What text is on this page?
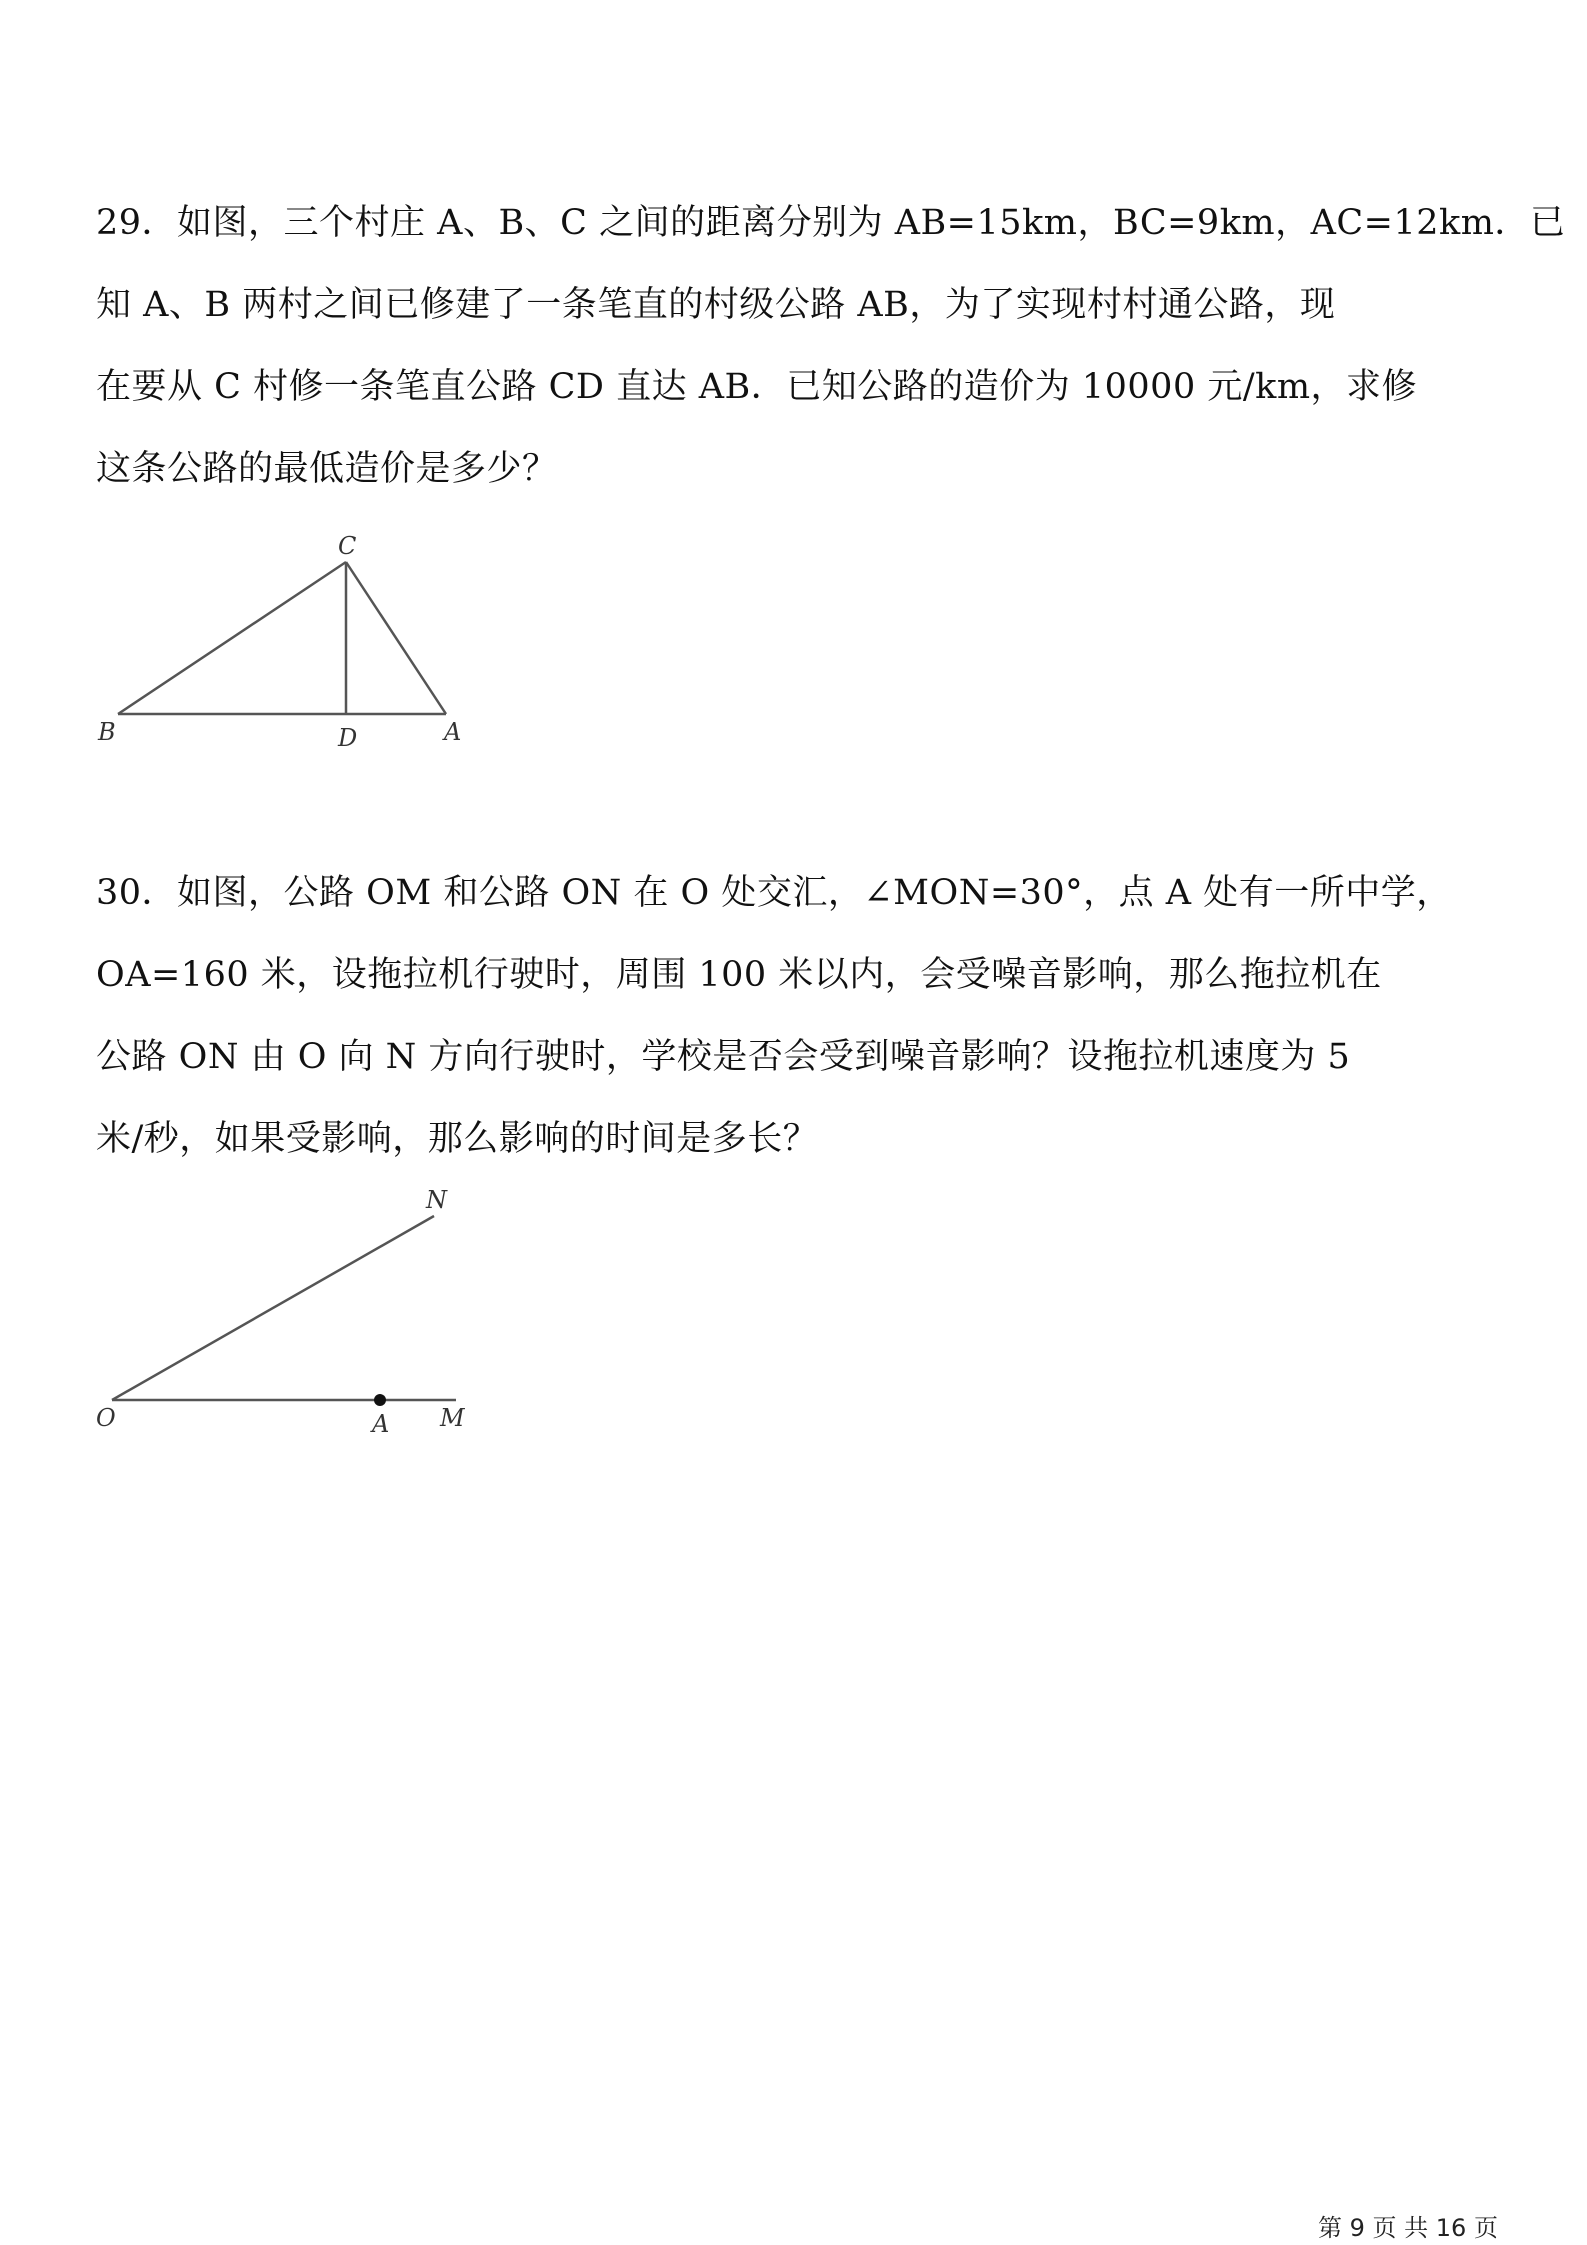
29．如图，三个村庄 A、B、C 之间的距离分别为 AB=15km，BC=9km，AC=12km．已

知 A、B 两村之间已修建了一条笔直的村级公路 AB，为了实现村村通公路，现

在要从 C 村修一条笔直公路 CD 直达 AB．已知公路的造价为 10000 元/km，求修

这条公路的最低造价是多少？

C
B	D	A

30．如图，公路 OM 和公路 ON 在 O 处交汇，∠MON=30°，点 A 处有一所中学，

OA=160 米，设拖拉机行驶时，周围 100 米以内，会受噪音影响，那么拖拉机在

公路 ON 由 O 向 N 方向行驶时，学校是否会受到噪音影响？设拖拉机速度为 5

米/秒，如果受影响，那么影响的时间是多长？

N
O	A M
第 9 页 共 16 页
